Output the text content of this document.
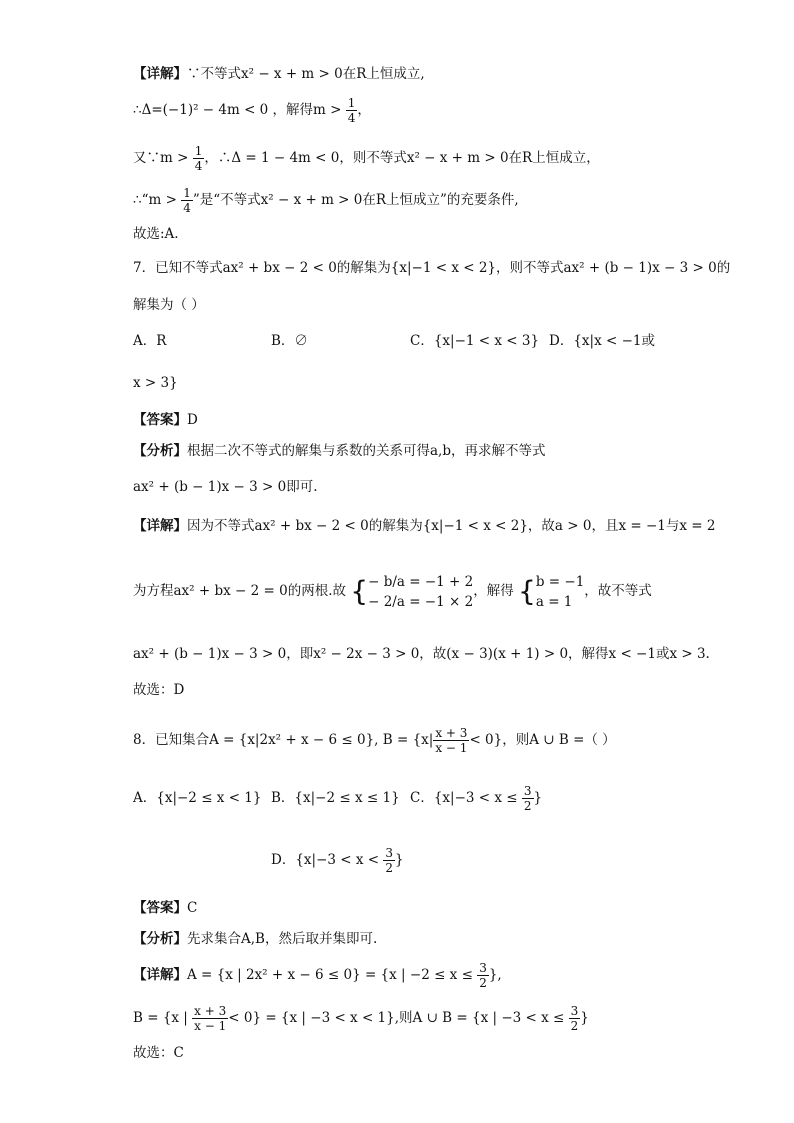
【详解】∵不等式x² − x + m > 0在R上恒成立,
∴Δ=(−1)² − 4m < 0 ，解得$m > \frac{1}{4}$ ，
又∵m > $\frac{1}{4}$ ，∴Δ = 1 − 4m < 0，则不等式x² − x + m > 0在R上恒成立，
∴“m > $\frac{1}{4}$ ”是“不等式x² − x + m > 0在R上恒成立”的充要条件,
故选:A.
7．已知不等式ax² + bx − 2 < 0的解集为{x|−1 < x < 2}，则不等式ax² + (b − 1)x − 3 > 0的
解集为（ ）
A．R	B．∅	C．{x|−1 < x < 3} D．{x|x < −1或
x > 3}
【答案】D
【分析】根据二次不等式的解集与系数的关系可得a,b，再求解不等式
ax² + (b − 1)x − 3 > 0即可.
【详解】因为不等式ax² + bx − 2 < 0的解集为{x|−1 < x < 2}，故a > 0，且x = −1与x = 2
为方程ax² + bx − 2 = 0的两根.故 { − b/a = −1 + 2
− 2/a = −1 × 2
，解得 { b = −1
a = 1
，故不等式
ax² + (b − 1)x − 3 > 0，即x² − 2x − 3 > 0，故(x − 3)(x + 1) > 0，解得x < −1或x > 3.
故选：D
8．已知集合A = {x|2x² + x − 6 ≤ 0}, $B = \{x| \frac{x + 3}{x - 1} < 0\}$，则A ∪ B =（ ）
A．{x|−2 ≤ x < 1} B．{x|−2 ≤ x ≤ 1} C．{$x|-3 < x \le \frac{3}{2}$ }
D．{$x|-3 < x < \frac{3}{2}$ }
【答案】C
【分析】先求集合A,B，然后取并集即可.
【详解】A = {x | 2x² + x − 6 ≤ 0} = {x | $-2 \le x \le \frac{3}{2}$ },
B = {x | $\frac{x + 3}{x - 1} < 0\} = \{x$ | −3 < x < 1},则A ∪ B = {x | $-3 < x \le \frac{3}{2}$ }
故选：C
